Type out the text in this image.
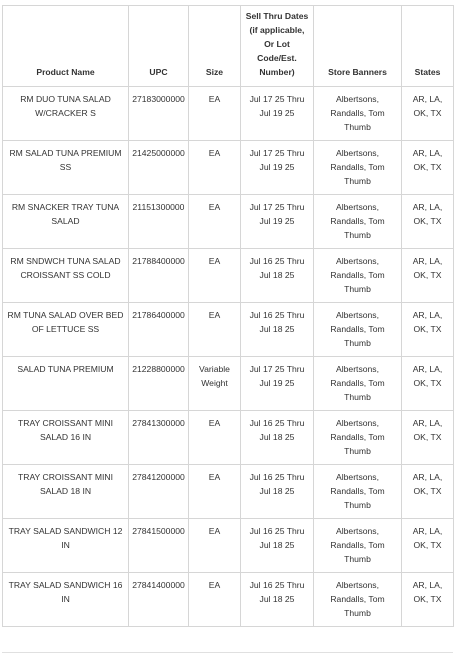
Product Name	UPC	Size	Sell Thru Dates (if applicable, Or Lot Code/Est. Number)	Store Banners	States
RM DUO TUNA SALAD W/CRACKER S	27183000000	EA	Jul 17 25 Thru Jul 19 25	Albertsons, Randalls, Tom Thumb	AR, LA, OK, TX
RM SALAD TUNA PREMIUM SS	21425000000	EA	Jul 17 25 Thru Jul 19 25	Albertsons, Randalls, Tom Thumb	AR, LA, OK, TX
RM SNACKER TRAY TUNA SALAD	21151300000	EA	Jul 17 25 Thru Jul 19 25	Albertsons, Randalls, Tom Thumb	AR, LA, OK, TX
RM SNDWCH TUNA SALAD CROISSANT SS COLD	21788400000	EA	Jul 16 25 Thru Jul 18 25	Albertsons, Randalls, Tom Thumb	AR, LA, OK, TX
RM TUNA SALAD OVER BED OF LETTUCE SS	21786400000	EA	Jul 16 25 Thru Jul 18 25	Albertsons, Randalls, Tom Thumb	AR, LA, OK, TX
SALAD TUNA PREMIUM	21228800000	Variable Weight	Jul 17 25 Thru Jul 19 25	Albertsons, Randalls, Tom Thumb	AR, LA, OK, TX
TRAY CROISSANT MINI SALAD 16 IN	27841300000	EA	Jul 16 25 Thru Jul 18 25	Albertsons, Randalls, Tom Thumb	AR, LA, OK, TX
TRAY CROISSANT MINI SALAD 18 IN	27841200000	EA	Jul 16 25 Thru Jul 18 25	Albertsons, Randalls, Tom Thumb	AR, LA, OK, TX
TRAY SALAD SANDWICH 12 IN	27841500000	EA	Jul 16 25 Thru Jul 18 25	Albertsons, Randalls, Tom Thumb	AR, LA, OK, TX
TRAY SALAD SANDWICH 16 IN	27841400000	EA	Jul 16 25 Thru Jul 18 25	Albertsons, Randalls, Tom Thumb	AR, LA, OK, TX
